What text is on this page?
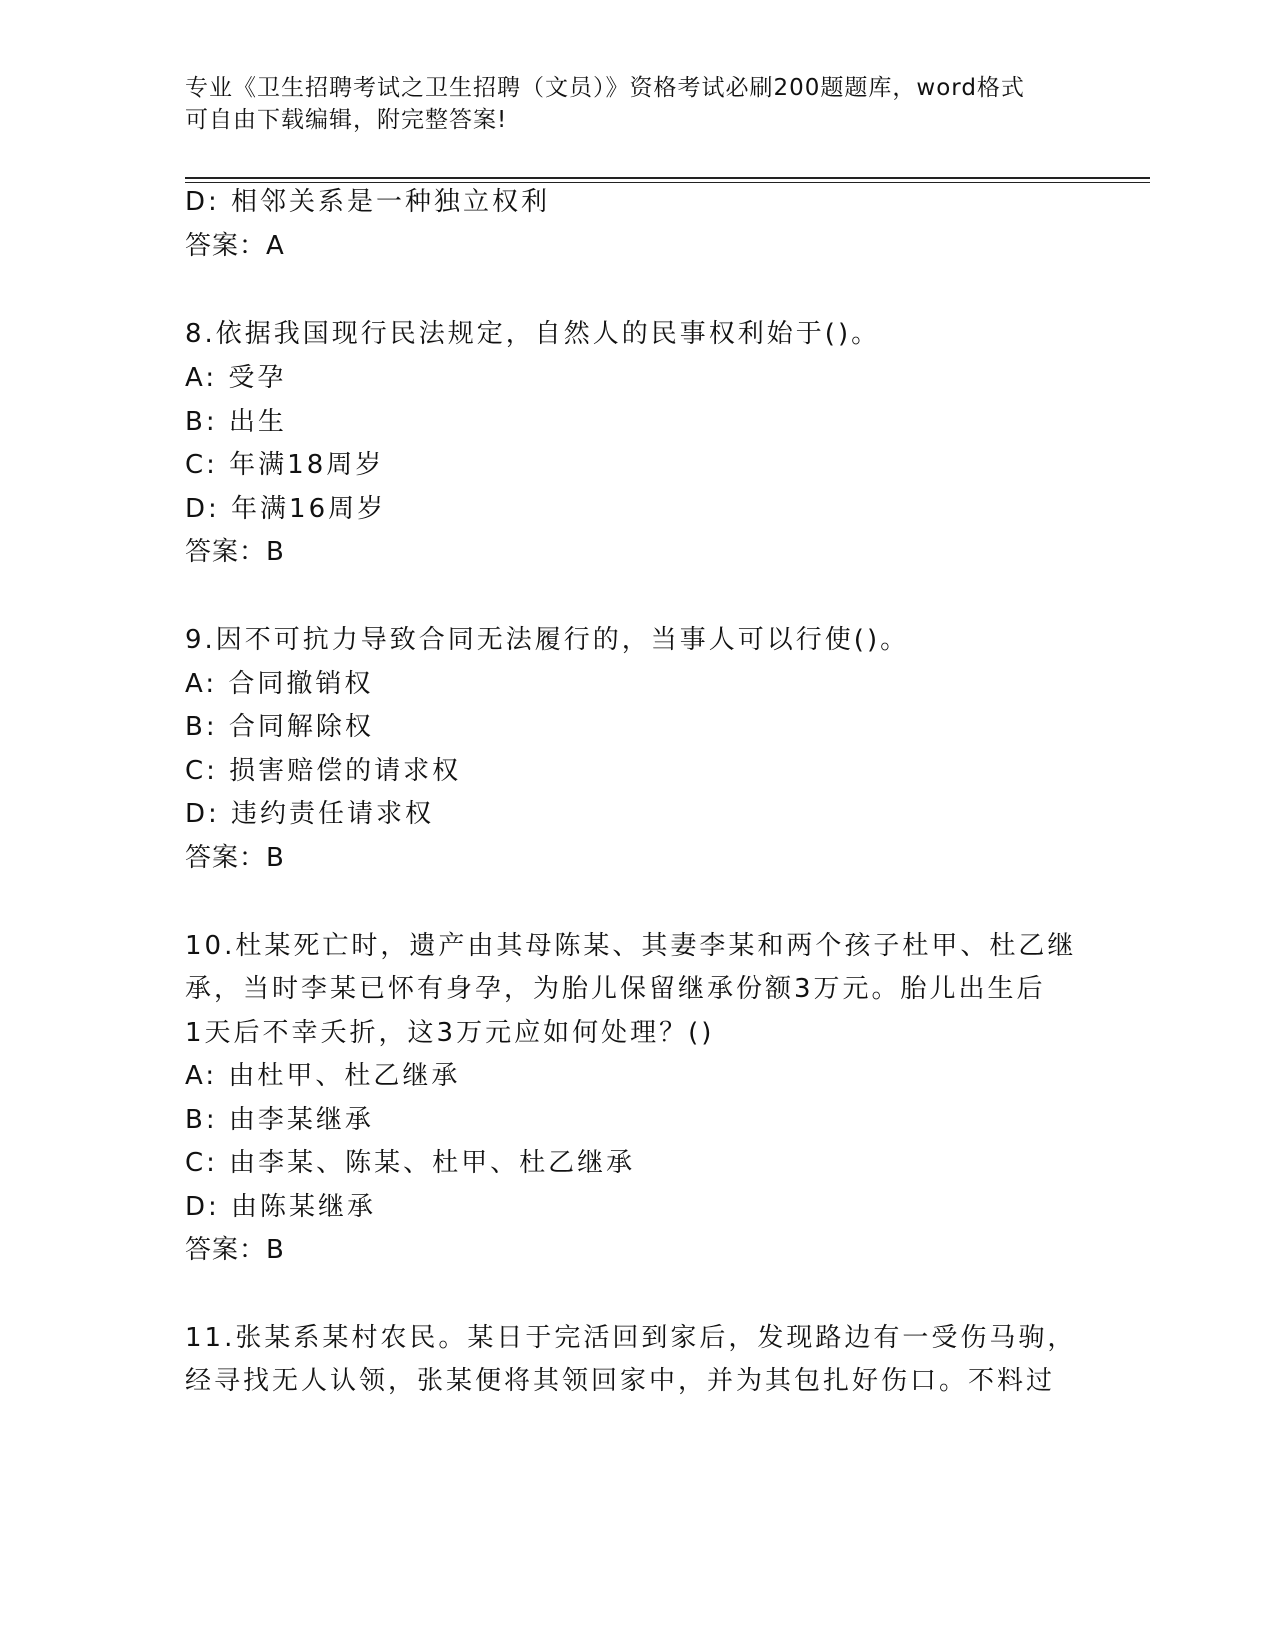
专业《卫生招聘考试之卫生招聘（文员）》资格考试必刷200题题库，word格式
可自由下载编辑，附完整答案!
D: 相邻关系是一种独立权利
答案：A
8.依据我国现行民法规定，自然人的民事权利始于()。
A: 受孕
B: 出生
C: 年满18周岁
D: 年满16周岁
答案：B
9.因不可抗力导致合同无法履行的，当事人可以行使()。
A: 合同撤销权
B: 合同解除权
C: 损害赔偿的请求权
D: 违约责任请求权
答案：B
10.杜某死亡时，遗产由其母陈某、其妻李某和两个孩子杜甲、杜乙继
承，当时李某已怀有身孕，为胎儿保留继承份额3万元。胎儿出生后
1天后不幸夭折，这3万元应如何处理？()
A: 由杜甲、杜乙继承
B: 由李某继承
C: 由李某、陈某、杜甲、杜乙继承
D: 由陈某继承
答案：B
11.张某系某村农民。某日于完活回到家后，发现路边有一受伤马驹，
经寻找无人认领，张某便将其领回家中，并为其包扎好伤口。不料过
